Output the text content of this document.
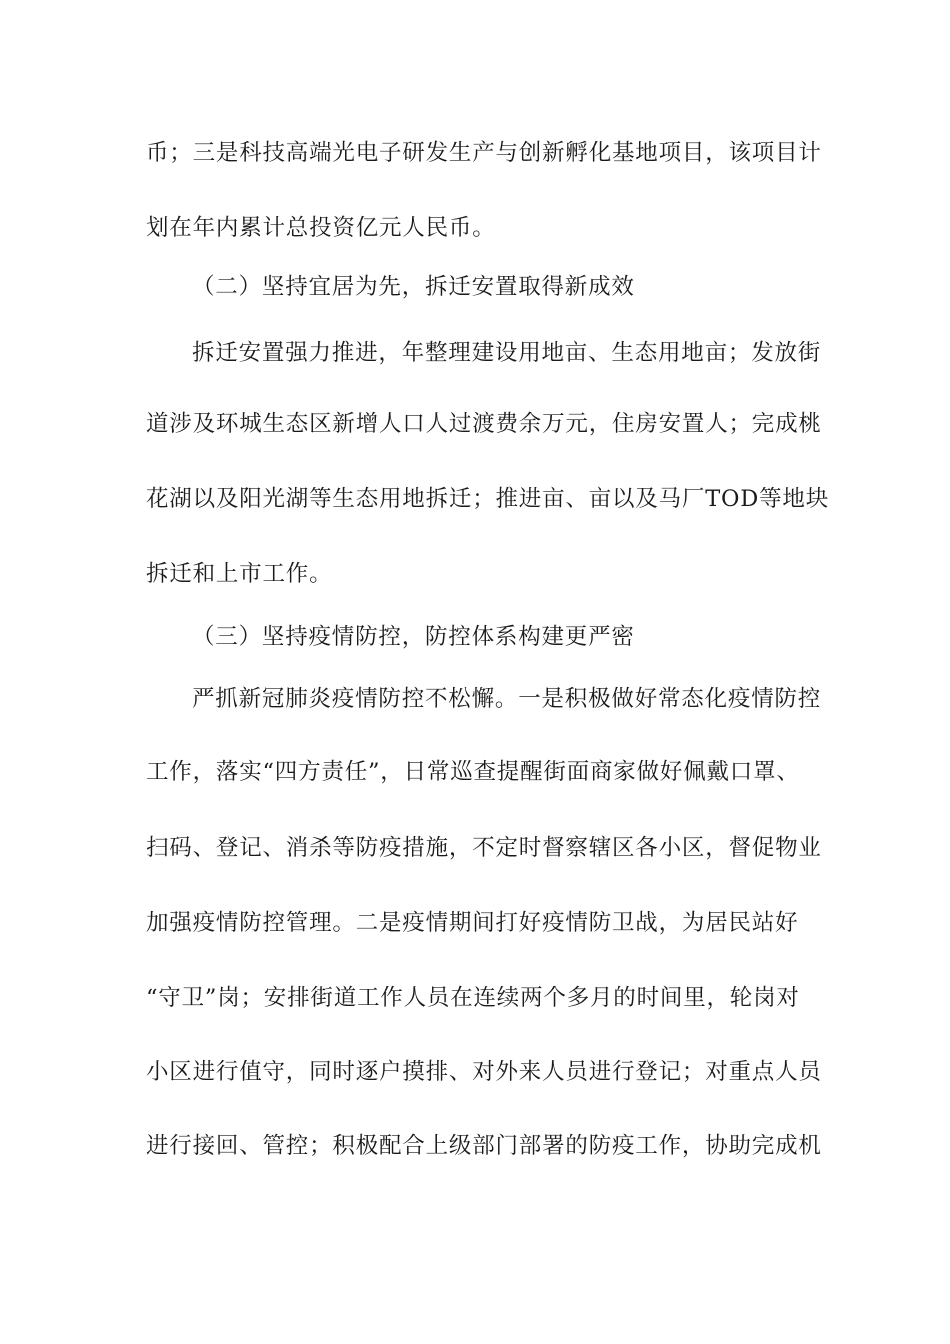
币；三是科技高端光电子研发生产与创新孵化基地项目，该项目计
划在年内累计总投资亿元人民币。
（二）坚持宜居为先，拆迁安置取得新成效
拆迁安置强力推进，年整理建设用地亩、生态用地亩；发放街
道涉及环城生态区新增人口人过渡费余万元，住房安置人；完成桃
花湖以及阳光湖等生态用地拆迁；推进亩、亩以及马厂TOD等地块
拆迁和上市工作。
（三）坚持疫情防控，防控体系构建更严密
严抓新冠肺炎疫情防控不松懈。一是积极做好常态化疫情防控
工作，落实“四方责任”，日常巡查提醒街面商家做好佩戴口罩、
扫码、登记、消杀等防疫措施，不定时督察辖区各小区，督促物业
加强疫情防控管理。二是疫情期间打好疫情防卫战，为居民站好
“守卫”岗；安排街道工作人员在连续两个多月的时间里，轮岗对
小区进行值守，同时逐户摸排、对外来人员进行登记；对重点人员
进行接回、管控；积极配合上级部门部署的防疫工作，协助完成机
